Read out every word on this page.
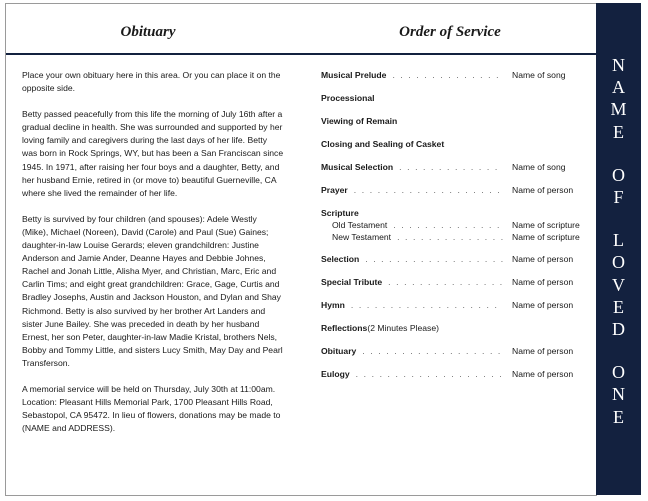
Obituary	Order of Service

Place your own obituary here in this area. Or you can place it on the opposite side.

Betty passed peacefully from this life the morning of July 16th after a gradual decline in health. She was surrounded and supported by her loving family and caregivers during the last days of her life. Betty was born in Rock Springs, WY, but has been a San Franciscan since 1945. In 1971, after raising her four boys and a daughter, Betty, and her husband Ernie, retired in (or move to) beautiful Guerneville, CA where she lived the remainder of her life.

Betty is survived by four children (and spouses): Adele Westly (Mike), Michael (Noreen), David (Carole) and Paul (Sue) Gaines; daughter-in-law Louise Gerards; eleven grandchildren: Justine Anderson and Jamie Ander, Deanne Hayes and Debbie Johnes, Rachel and Jonah Little, Alisha Myer, and Christian, Marc, Eric and Carlin Tims; and eight great grandchildren: Grace, Gage, Curtis and Bradley Josephs, Austin and Jackson Houston, and Dylan and Shay Richmond. Betty is also survived by her brother Art Landers and sister June Bailey. She was preceded in death by her husband Ernest, her son Peter, daughter-in-law Madie Kristal, brothers Nels, Bobby and Tommy Little, and sisters Lucy Smith, May Day and Pearl Transferson.

A memorial service will be held on Thursday, July 30th at 11:00am. Location: Pleasant Hills Memorial Park, 1700 Pleasant Hills Road, Sebastopol, CA 95472. In lieu of flowers, donations may be made to (NAME and ADDRESS).

Musical Prelude . . . . . . . . . . . . . .	Name of song
Processional
Viewing of Remain
Closing and Sealing of Casket
Musical Selection . . . . . . . . . . . . .	Name of song
Prayer . . . . . . . . . . . . . . . . . . .	Name of person
Scripture
Old Testament . . . . . . . . . . . . . .	Name of scripture
New Testament . . . . . . . . . . . . . . Name of scripture
Selection . . . . . . . . . . . . . . . . . . Name of person
Special Tribute . . . . . . . . . . . . . . . Name of person
Hymn . . . . . . . . . . . . . . . . . . .	Name of person
Reflections (2 Minutes Please)
Obituary . . . . . . . . . . . . . . . . . .	Name of person
Eulogy . . . . . . . . . . . . . . . . . . .	Name of person
N
A
M
E
O
F
L
O
V
E
D
O
N
E
